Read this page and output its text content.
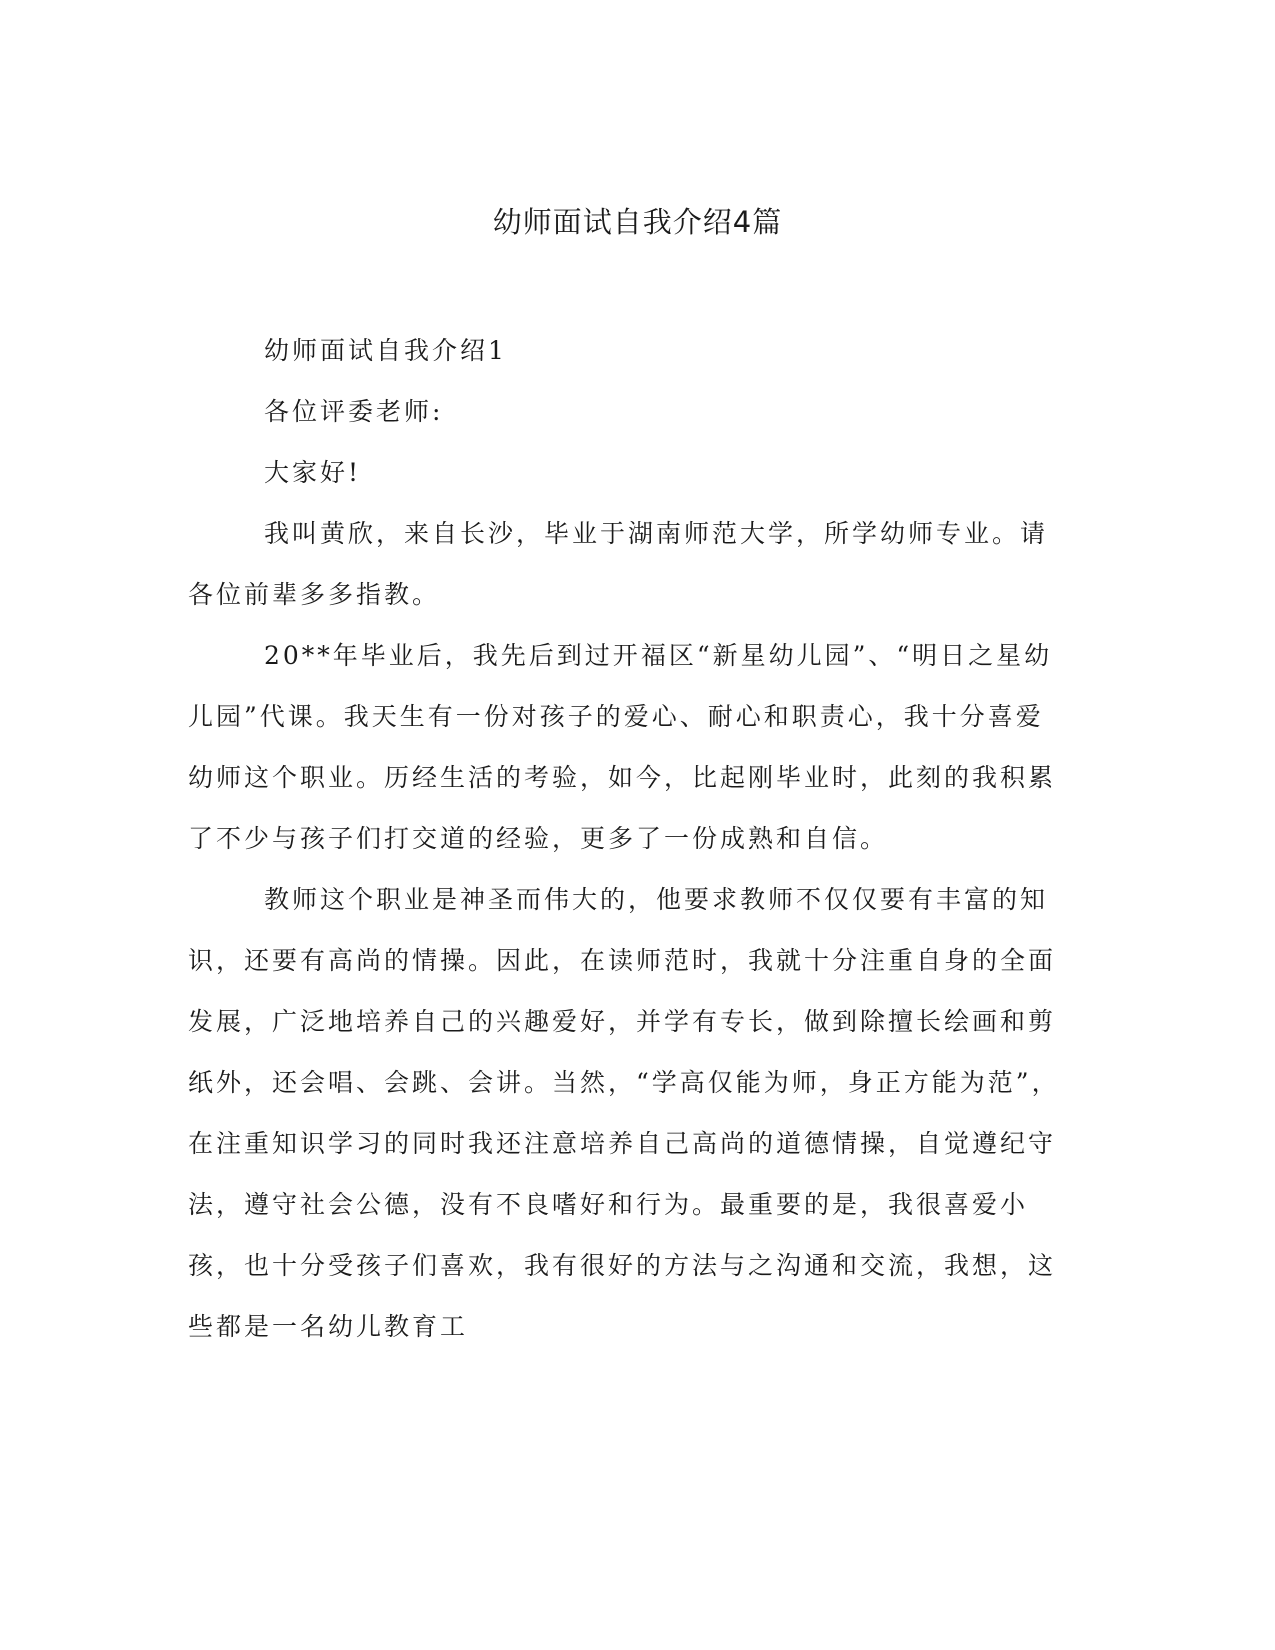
幼师面试自我介绍4篇

幼师面试自我介绍1

各位评委老师:

大家好!

我叫黄欣，来自长沙，毕业于湖南师范大学，所学幼师专业。请各位前辈多多指教。

20**年毕业后，我先后到过开福区“新星幼儿园”、“明日之星幼儿园”代课。我天生有一份对孩子的爱心、耐心和职责心，我十分喜爱幼师这个职业。历经生活的考验，如今，比起刚毕业时，此刻的我积累了不少与孩子们打交道的经验，更多了一份成熟和自信。

教师这个职业是神圣而伟大的，他要求教师不仅仅要有丰富的知识，还要有高尚的情操。因此，在读师范时，我就十分注重自身的全面发展，广泛地培养自己的兴趣爱好，并学有专长，做到除擅长绘画和剪纸外，还会唱、会跳、会讲。当然，“学高仅能为师，身正方能为范”，在注重知识学习的同时我还注意培养自己高尚的道德情操，自觉遵纪守法，遵守社会公德，没有不良嗜好和行为。最重要的是，我很喜爱小孩，也十分受孩子们喜欢，我有很好的方法与之沟通和交流，我想，这些都是一名幼儿教育工
